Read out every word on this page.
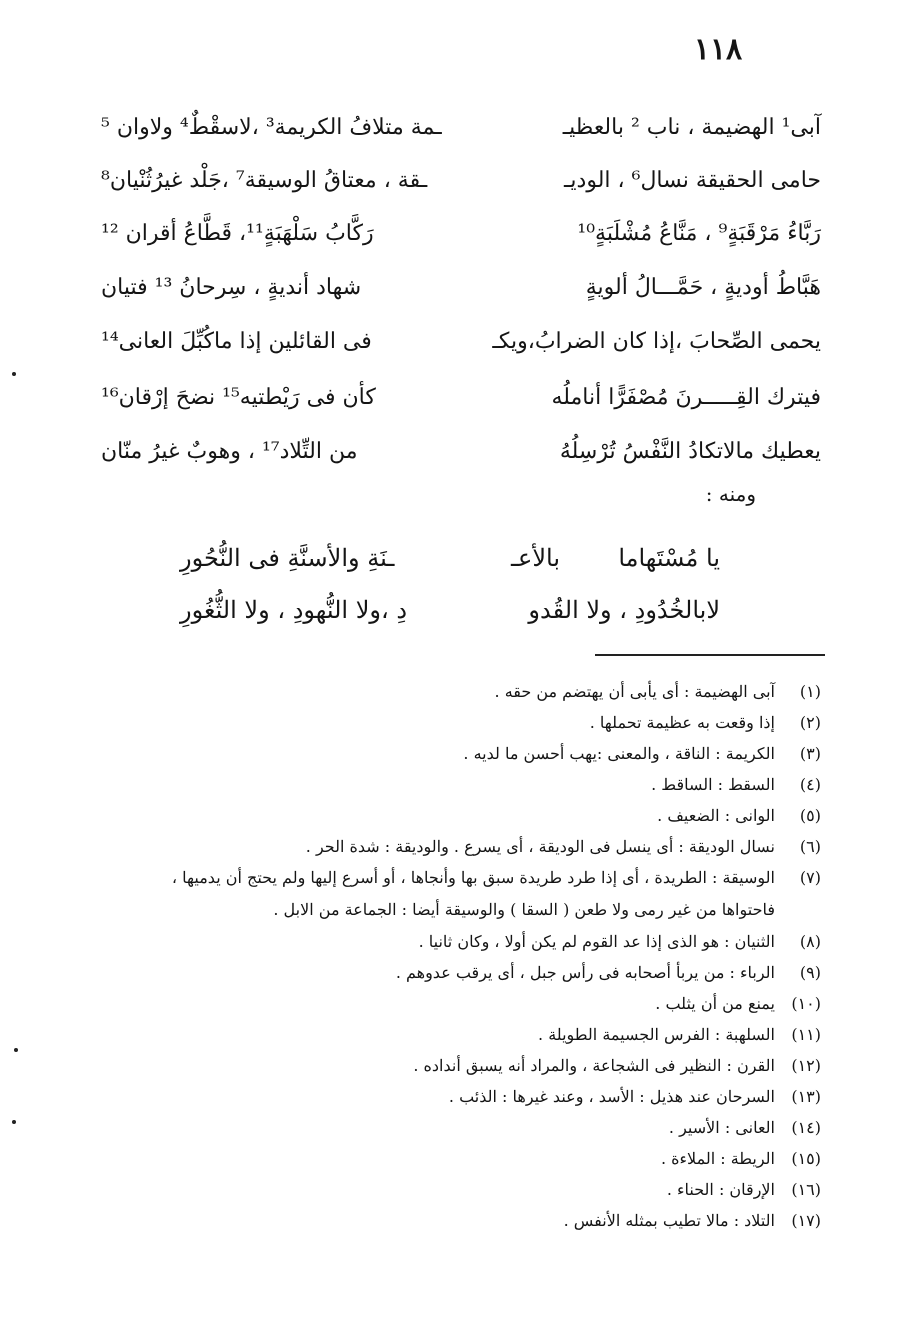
١١٨
آبى¹ الهضيمة ، ناب ² بالعظيـ
ـمة متلافُ الكريمة³ ،لاسقْطٌ⁴ ولاوان ⁵
حامى الحقيقة نسال⁶ ، الوديـ
ـقة ، معتاقُ الوسيقة⁷ ،جَلْد غيرُثُنْيان⁸
رَبَّاءُ مَرْقَبَةٍ⁹ ، مَنَّاعُ مُشْلَبَةٍ¹⁰
رَكَّابُ سَلْهَبَةٍ¹¹، قَطَّاعُ أقران ¹²
هَبَّاطُ أوديةٍ ، حَمَّـــالُ ألويةٍ
شهاد أنديةٍ ، سِرحانُ ¹³ فتيان
يحمى الصِّحابَ ،إذا كان الضرابُ،ويكـ
فى القائلين إذا ماكُبِّلَ العانى¹⁴
فيترك القِـــــرنَ مُصْفَرًّا أناملُه
كأن فى رَيْطتيه¹⁵ نضحَ إرْقان¹⁶
يعطيك مالاتكادُ النَّفْسُ تُرْسِلُهُ
من التِّلاد¹⁷ ، وهوبٌ غيرُ منّان
ومنه :
يا مُسْتَهاما
بالأعـ
ـنَةِ والأسنَّةِ فى النُّحُورِ
لابالخُدُودِ ، ولا القُدو
دِ ،ولا النُّهودِ ، ولا الثُّغُورِ
(١)آبى الهضيمة : أى يأبى أن يهتضم من حقه .
(٢)إذا وقعت به عظيمة تحملها .
(٣)الكريمة : الناقة ، والمعنى :يهب أحسن ما لديه .
(٤)السقط : الساقط .
(٥)الوانى : الضعيف .
(٦)نسال الوديقة : أى ينسل فى الوديقة ، أى يسرع . والوديقة : شدة الحر .
(٧)الوسيقة : الطريدة ، أى إذا طرد طريدة سبق بها وأنجاها ، أو أسرع إليها ولم يحتج أن يدميها ،
فاحتواها من غير رمى ولا طعن ( السقا ) والوسيقة أيضا : الجماعة من الابل .
(٨)الثنيان : هو الذى إذا عد القوم لم يكن أولا ، وكان ثانيا .
(٩)الرباء : من يربأ أصحابه فى رأس جبل ، أى يرقب عدوهم .
(١٠)يمنع من أن يثلب .
(١١)السلهبة : الفرس الجسيمة الطويلة .
(١٢)القرن : النظير فى الشجاعة ، والمراد أنه يسبق أنداده .
(١٣)السرحان عند هذيل : الأسد ، وعند غيرها : الذئب .
(١٤)العانى : الأسير .
(١٥)الريطة : الملاءة .
(١٦)الإرقان : الحناء .
(١٧)التلاد : مالا تطيب بمثله الأنفس .
